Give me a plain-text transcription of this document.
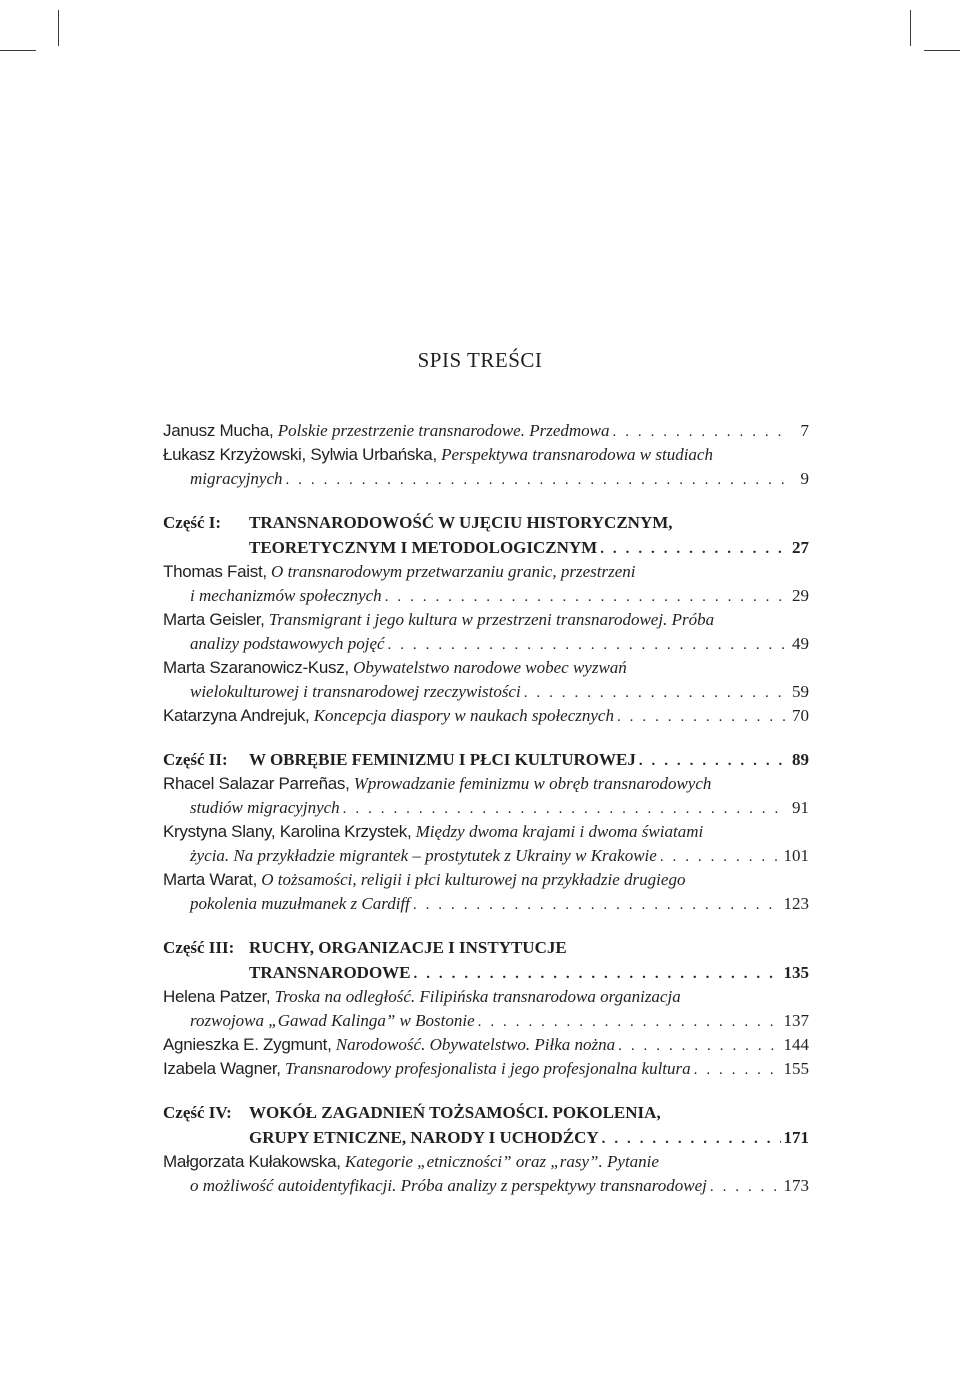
SPIS TREŚCI
Janusz Mucha, Polskie przestrzenie transnarodowe. Przedmowa . . .	7
Łukasz Krzyżowski, Sylwia Urbańska, Perspektywa transnarodowa w studiach
migracyjnych . . .	9
Część I:	TRANSNARODOWOŚĆ W UJĘCIU HISTORYCZNYM,
TEORETYCZNYM I METODOLOGICZNYM . . .	27
Thomas Faist, O transnarodowym przetwarzaniu granic, przestrzeni
i mechanizmów społecznych . . .	29
Marta Geisler, Transmigrant i jego kultura w przestrzeni transnarodowej. Próba
analizy podstawowych pojęć . . .	49
Marta Szaranowicz-Kusz, Obywatelstwo narodowe wobec wyzwań
wielokulturowej i transnarodowej rzeczywistości . . .	59
Katarzyna Andrejuk, Koncepcja diaspory w naukach społecznych . . .	70
Część II:	W OBRĘBIE FEMINIZMU I PŁCI KULTUROWEJ . . .	89
Rhacel Salazar Parreñas, Wprowadzanie feminizmu w obręb transnarodowych
studiów migracyjnych . . .	91
Krystyna Slany, Karolina Krzystek, Między dwoma krajami i dwoma światami
życia. Na przykładzie migrantek – prostytutek z Ukrainy w Krakowie . . .	101
Marta Warat, O tożsamości, religii i płci kulturowej na przykładzie drugiego
pokolenia muzułmanek z Cardiff . . .	123
Część III: RUCHY, ORGANIZACJE I INSTYTUCJE
TRANSNARODOWE . . .	135
Helena Patzer, Troska na odległość. Filipińska transnarodowa organizacja
rozwojowa „Gawad Kalinga” w Bostonie . . .	137
Agnieszka E. Zygmunt, Narodowość. Obywatelstwo. Piłka nożna . . .	144
Izabela Wagner, Transnarodowy profesjonalista i jego profesjonalna kultura . . .	155
Część IV:	WOKÓŁ ZAGADNIEŃ TOŻSAMOŚCI. POKOLENIA,
GRUPY ETNICZNE, NARODY I UCHODŹCY . . .	171
Małgorzata Kułakowska, Kategorie „etniczności” oraz „rasy”. Pytanie
o możliwość autoidentyfikacji. Próba analizy z perspektywy transnarodowej . . .	173
